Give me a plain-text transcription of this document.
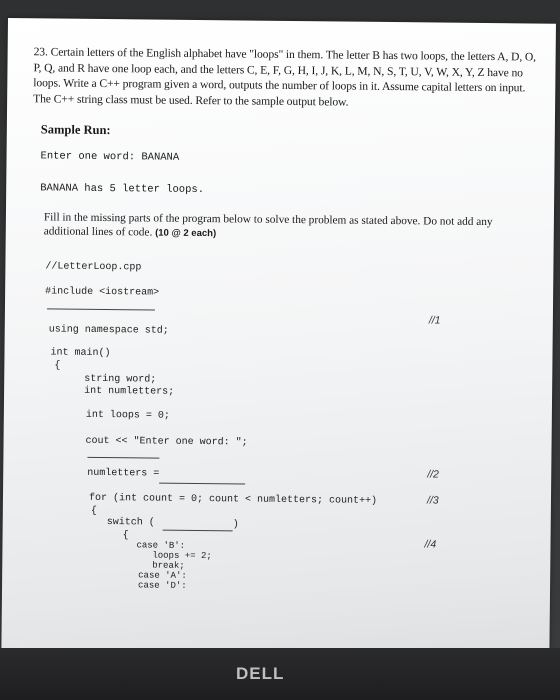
23. Certain letters of the English alphabet have "loops" in them. The letter B has two loops, the letters A, D, O, P, Q, and R have one loop each, and the letters C, E, F, G, H, I, J, K, L, M, N, S, T, U, V, W, X, Y, Z have no loops. Write a C++ program given a word, outputs the number of loops in it. Assume capital letters on input. The C++ string class must be used. Refer to the sample output below.
Sample Run:
Enter one word: BANANA
BANANA has 5 letter loops.
Fill in the missing parts of the program below to solve the problem as stated above. Do not add any additional lines of code. (10 @ 2 each)
//LetterLoop.cpp
#include <iostream>
//1
using namespace std;
int main()
{
string word;
int numletters;
int loops = 0;
cout << "Enter one word: ";
numletters =	//2
for (int count = 0; count < numletters; count++)	//3
{
switch (	)
//4
{
case 'B':
loops += 2;
break;
case 'A':
case 'D':
DELL
